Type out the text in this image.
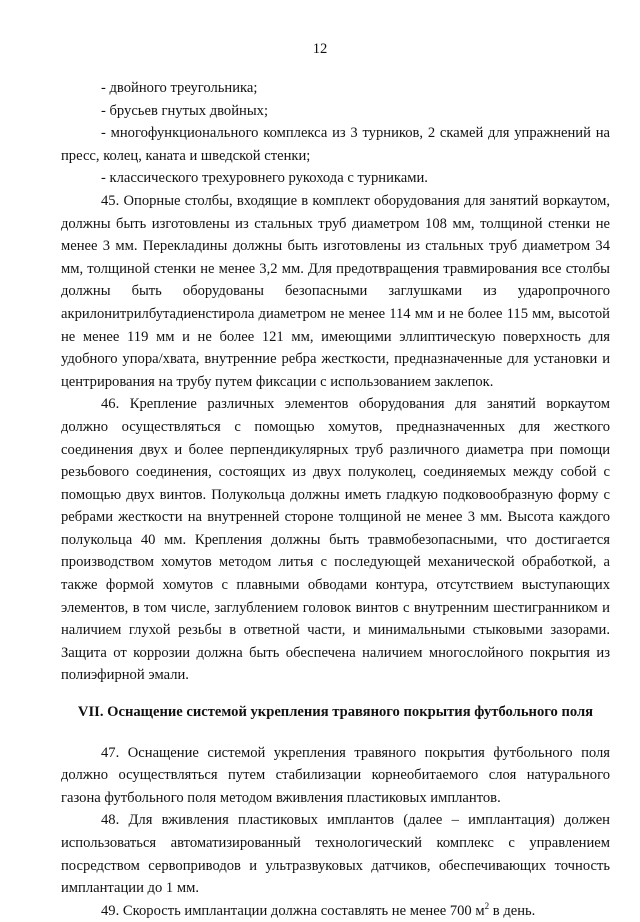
12

- двойного треугольника;

- брусьев гнутых двойных;

- многофункционального комплекса из 3 турников, 2 скамей для упражнений на пресс, колец, каната и шведской стенки;

- классического трехуровнего рукохода с турниками.

45. Опорные столбы, входящие в комплект оборудования для занятий воркаутом, должны быть изготовлены из стальных труб диаметром 108 мм, толщиной стенки не менее 3 мм. Перекладины должны быть изготовлены из стальных труб диаметром 34 мм, толщиной стенки не менее 3,2 мм. Для предотвращения травмирования все столбы должны быть оборудованы безопасными заглушками из ударопрочного акрилонитрилбутадиенстирола диаметром не менее 114 мм и не более 115 мм, высотой не менее 119 мм и не более 121 мм, имеющими эллиптическую поверхность для удобного упора/хвата, внутренние ребра жесткости, предназначенные для установки и центрирования на трубу путем фиксации с использованием заклепок.

46. Крепление различных элементов оборудования для занятий воркаутом должно осуществляться с помощью хомутов, предназначенных для жесткого соединения двух и более перпендикулярных труб различного диаметра при помощи резьбового соединения, состоящих из двух полуколец, соединяемых между собой с помощью двух винтов. Полукольца должны иметь гладкую подковообразную форму с ребрами жесткости на внутренней стороне толщиной не менее 3 мм. Высота каждого полукольца 40 мм. Крепления должны быть травмобезопасными, что достигается производством хомутов методом литья с последующей механической обработкой, а также формой хомутов с плавными обводами контура, отсутствием выступающих элементов, в том числе, заглублением головок винтов с внутренним шестигранником и наличием глухой резьбы в ответной части, и минимальными стыковыми зазорами. Защита от коррозии должна быть обеспечена наличием многослойного покрытия из полиэфирной эмали.

VII. Оснащение системой укрепления травяного покрытия футбольного поля

47. Оснащение системой укрепления травяного покрытия футбольного поля должно осуществляться путем стабилизации корнеобитаемого слоя натурального газона футбольного поля методом вживления пластиковых имплантов.

48. Для вживления пластиковых имплантов (далее – имплантация) должен использоваться автоматизированный технологический комплекс с управлением посредством сервоприводов и ультразвуковых датчиков, обеспечивающих точность имплантации до 1 мм.

49. Скорость имплантации должна составлять не менее 700 $м^2$ в день.
